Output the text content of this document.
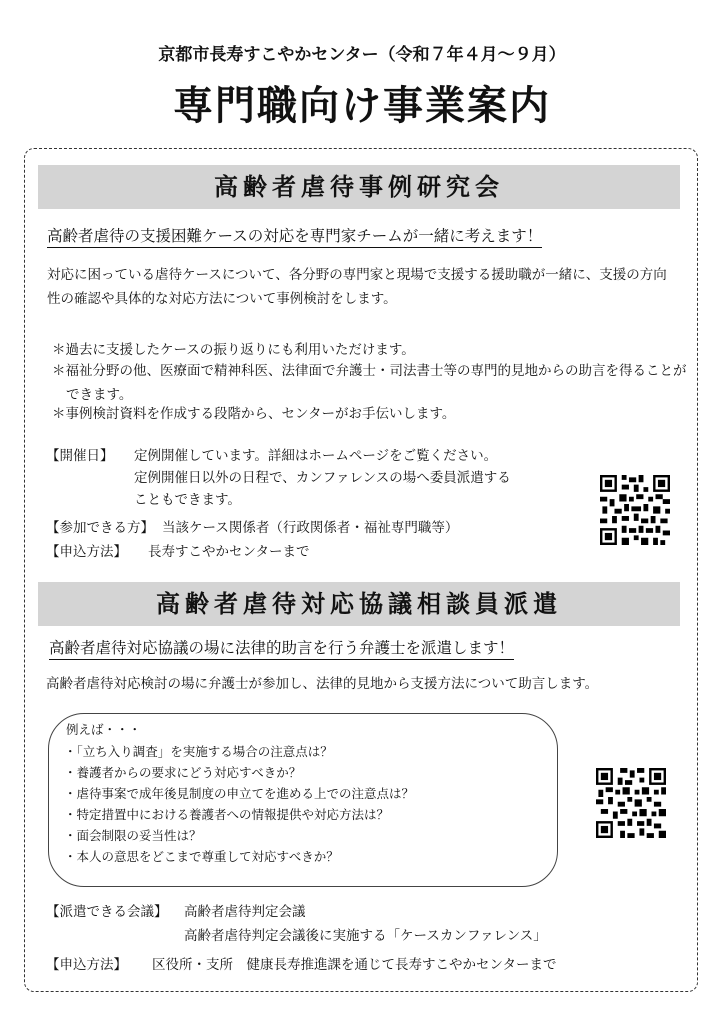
京都市長寿すこやかセンター（令和７年４月～９月）
専門職向け事業案内
高齢者虐待事例研究会
高齢者虐待の支援困難ケースの対応を専門家チームが一緒に考えます！
対応に困っている虐待ケースについて、各分野の専門家と現場で支援する援助職が一緒に、支援の方向性の確認や具体的な対応方法について事例検討をします。
＊過去に支援したケースの振り返りにも利用いただけます。
＊福祉分野の他、医療面で精神科医、法律面で弁護士・司法書士等の専門的見地からの助言を得ることができます。
＊事例検討資料を作成する段階から、センターがお手伝いします。
【開催日】 定例開催しています。詳細はホームページをご覧ください。
定例開催日以外の日程で、カンファレンスの場へ委員派遣する
こともできます。
【参加できる方】 当該ケース関係者（行政関係者・福祉専門職等）
【申込方法】 長寿すこやかセンターまで
高齢者虐待対応協議相談員派遣
高齢者虐待対応協議の場に法律的助言を行う弁護士を派遣します！
高齢者虐待対応検討の場に弁護士が参加し、法律的見地から支援方法について助言します。
例えば・・・
・「立ち入り調査」を実施する場合の注意点は？
・養護者からの要求にどう対応すべきか？
・虐待事案で成年後見制度の申立てを進める上での注意点は？
・特定措置中における養護者への情報提供や対応方法は？
・面会制限の妥当性は？
・本人の意思をどこまで尊重して対応すべきか？
【派遣できる会議】 高齢者虐待判定会議
高齢者虐待判定会議後に実施する「ケースカンファレンス」
【申込方法】 区役所・支所　健康長寿推進課を通じて長寿すこやかセンターまで
